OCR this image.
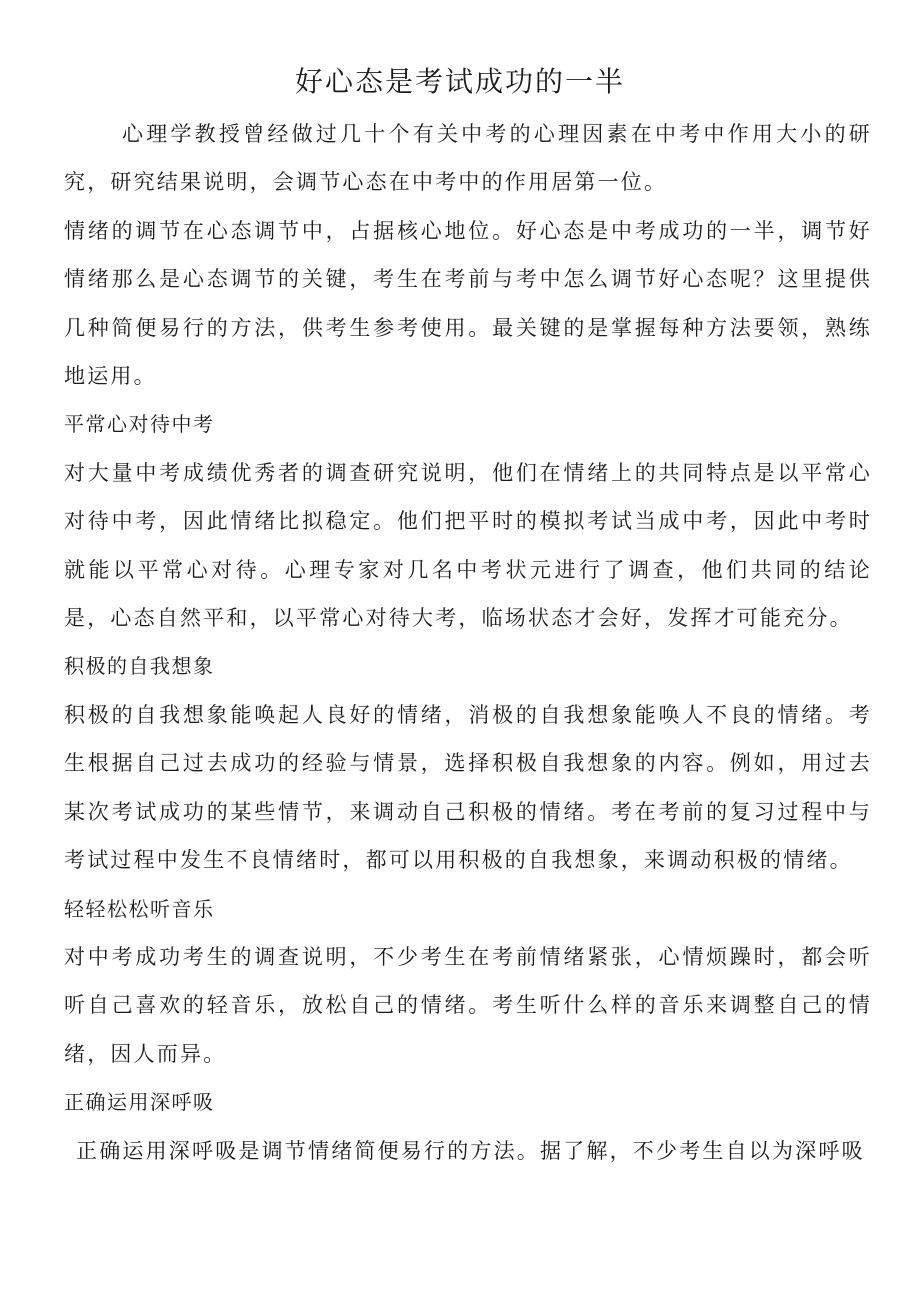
好心态是考试成功的一半

心理学教授曾经做过几十个有关中考的心理因素在中考中作用大小的研究，研究结果说明，会调节心态在中考中的作用居第一位。

情绪的调节在心态调节中，占据核心地位。好心态是中考成功的一半，调节好情绪那么是心态调节的关键，考生在考前与考中怎么调节好心态呢？这里提供几种简便易行的方法，供考生参考使用。最关键的是掌握每种方法要领，熟练地运用。

平常心对待中考

对大量中考成绩优秀者的调查研究说明，他们在情绪上的共同特点是以平常心对待中考，因此情绪比拟稳定。他们把平时的模拟考试当成中考，因此中考时就能以平常心对待。心理专家对几名中考状元进行了调查，他们共同的结论是，心态自然平和，以平常心对待大考，临场状态才会好，发挥才可能充分。

积极的自我想象

积极的自我想象能唤起人良好的情绪，消极的自我想象能唤人不良的情绪。考生根据自己过去成功的经验与情景，选择积极自我想象的内容。例如，用过去某次考试成功的某些情节，来调动自己积极的情绪。考在考前的复习过程中与考试过程中发生不良情绪时，都可以用积极的自我想象，来调动积极的情绪。

轻轻松松听音乐

对中考成功考生的调查说明，不少考生在考前情绪紧张，心情烦躁时，都会听听自己喜欢的轻音乐，放松自己的情绪。考生听什么样的音乐来调整自己的情绪，因人而异。

正确运用深呼吸

正确运用深呼吸是调节情绪简便易行的方法。据了解，不少考生自以为深呼吸
